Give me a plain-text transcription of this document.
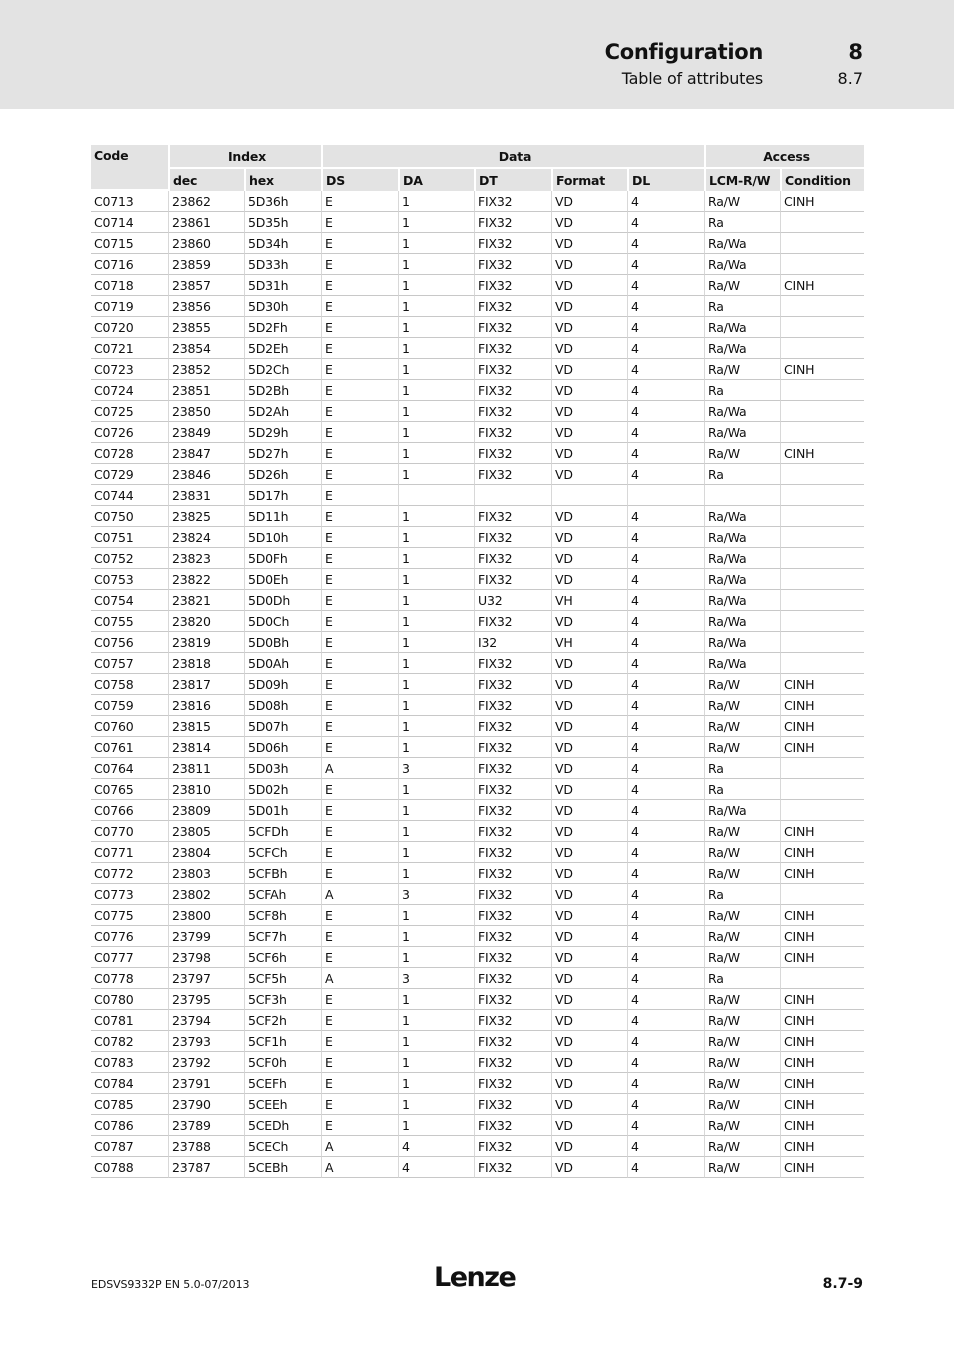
Configuration	8
Table of attributes	8.7
Code	Index		Data					Access	
	dec	hex	DS	DA	DT	Format	DL	LCM-R/W	Condition
C0713	23862	5D36h	E	1	FIX32	VD	4	Ra/W	CINH
C0714	23861	5D35h	E	1	FIX32	VD	4	Ra	
C0715	23860	5D34h	E	1	FIX32	VD	4	Ra/Wa	
C0716	23859	5D33h	E	1	FIX32	VD	4	Ra/Wa	
C0718	23857	5D31h	E	1	FIX32	VD	4	Ra/W	CINH
C0719	23856	5D30h	E	1	FIX32	VD	4	Ra	
C0720	23855	5D2Fh	E	1	FIX32	VD	4	Ra/Wa	
C0721	23854	5D2Eh	E	1	FIX32	VD	4	Ra/Wa	
C0723	23852	5D2Ch	E	1	FIX32	VD	4	Ra/W	CINH
C0724	23851	5D2Bh	E	1	FIX32	VD	4	Ra	
C0725	23850	5D2Ah	E	1	FIX32	VD	4	Ra/Wa	
C0726	23849	5D29h	E	1	FIX32	VD	4	Ra/Wa	
C0728	23847	5D27h	E	1	FIX32	VD	4	Ra/W	CINH
C0729	23846	5D26h	E	1	FIX32	VD	4	Ra	
C0744	23831	5D17h	E						
C0750	23825	5D11h	E	1	FIX32	VD	4	Ra/Wa	
C0751	23824	5D10h	E	1	FIX32	VD	4	Ra/Wa	
C0752	23823	5D0Fh	E	1	FIX32	VD	4	Ra/Wa	
C0753	23822	5D0Eh	E	1	FIX32	VD	4	Ra/Wa	
C0754	23821	5D0Dh	E	1	U32	VH	4	Ra/Wa	
C0755	23820	5D0Ch	E	1	FIX32	VD	4	Ra/Wa	
C0756	23819	5D0Bh	E	1	I32	VH	4	Ra/Wa	
C0757	23818	5D0Ah	E	1	FIX32	VD	4	Ra/Wa	
C0758	23817	5D09h	E	1	FIX32	VD	4	Ra/W	CINH
C0759	23816	5D08h	E	1	FIX32	VD	4	Ra/W	CINH
C0760	23815	5D07h	E	1	FIX32	VD	4	Ra/W	CINH
C0761	23814	5D06h	E	1	FIX32	VD	4	Ra/W	CINH
C0764	23811	5D03h	A	3	FIX32	VD	4	Ra	
C0765	23810	5D02h	E	1	FIX32	VD	4	Ra	
C0766	23809	5D01h	E	1	FIX32	VD	4	Ra/Wa	
C0770	23805	5CFDh	E	1	FIX32	VD	4	Ra/W	CINH
C0771	23804	5CFCh	E	1	FIX32	VD	4	Ra/W	CINH
C0772	23803	5CFBh	E	1	FIX32	VD	4	Ra/W	CINH
C0773	23802	5CFAh	A	3	FIX32	VD	4	Ra	
C0775	23800	5CF8h	E	1	FIX32	VD	4	Ra/W	CINH
C0776	23799	5CF7h	E	1	FIX32	VD	4	Ra/W	CINH
C0777	23798	5CF6h	E	1	FIX32	VD	4	Ra/W	CINH
C0778	23797	5CF5h	A	3	FIX32	VD	4	Ra	
C0780	23795	5CF3h	E	1	FIX32	VD	4	Ra/W	CINH
C0781	23794	5CF2h	E	1	FIX32	VD	4	Ra/W	CINH
C0782	23793	5CF1h	E	1	FIX32	VD	4	Ra/W	CINH
C0783	23792	5CF0h	E	1	FIX32	VD	4	Ra/W	CINH
C0784	23791	5CEFh	E	1	FIX32	VD	4	Ra/W	CINH
C0785	23790	5CEEh	E	1	FIX32	VD	4	Ra/W	CINH
C0786	23789	5CEDh	E	1	FIX32	VD	4	Ra/W	CINH
C0787	23788	5CECh	A	4	FIX32	VD	4	Ra/W	CINH
C0788	23787	5CEBh	A	4	FIX32	VD	4	Ra/W	CINH
EDSVS9332P EN 5.0-07/2013	Lenze	8.7-9
